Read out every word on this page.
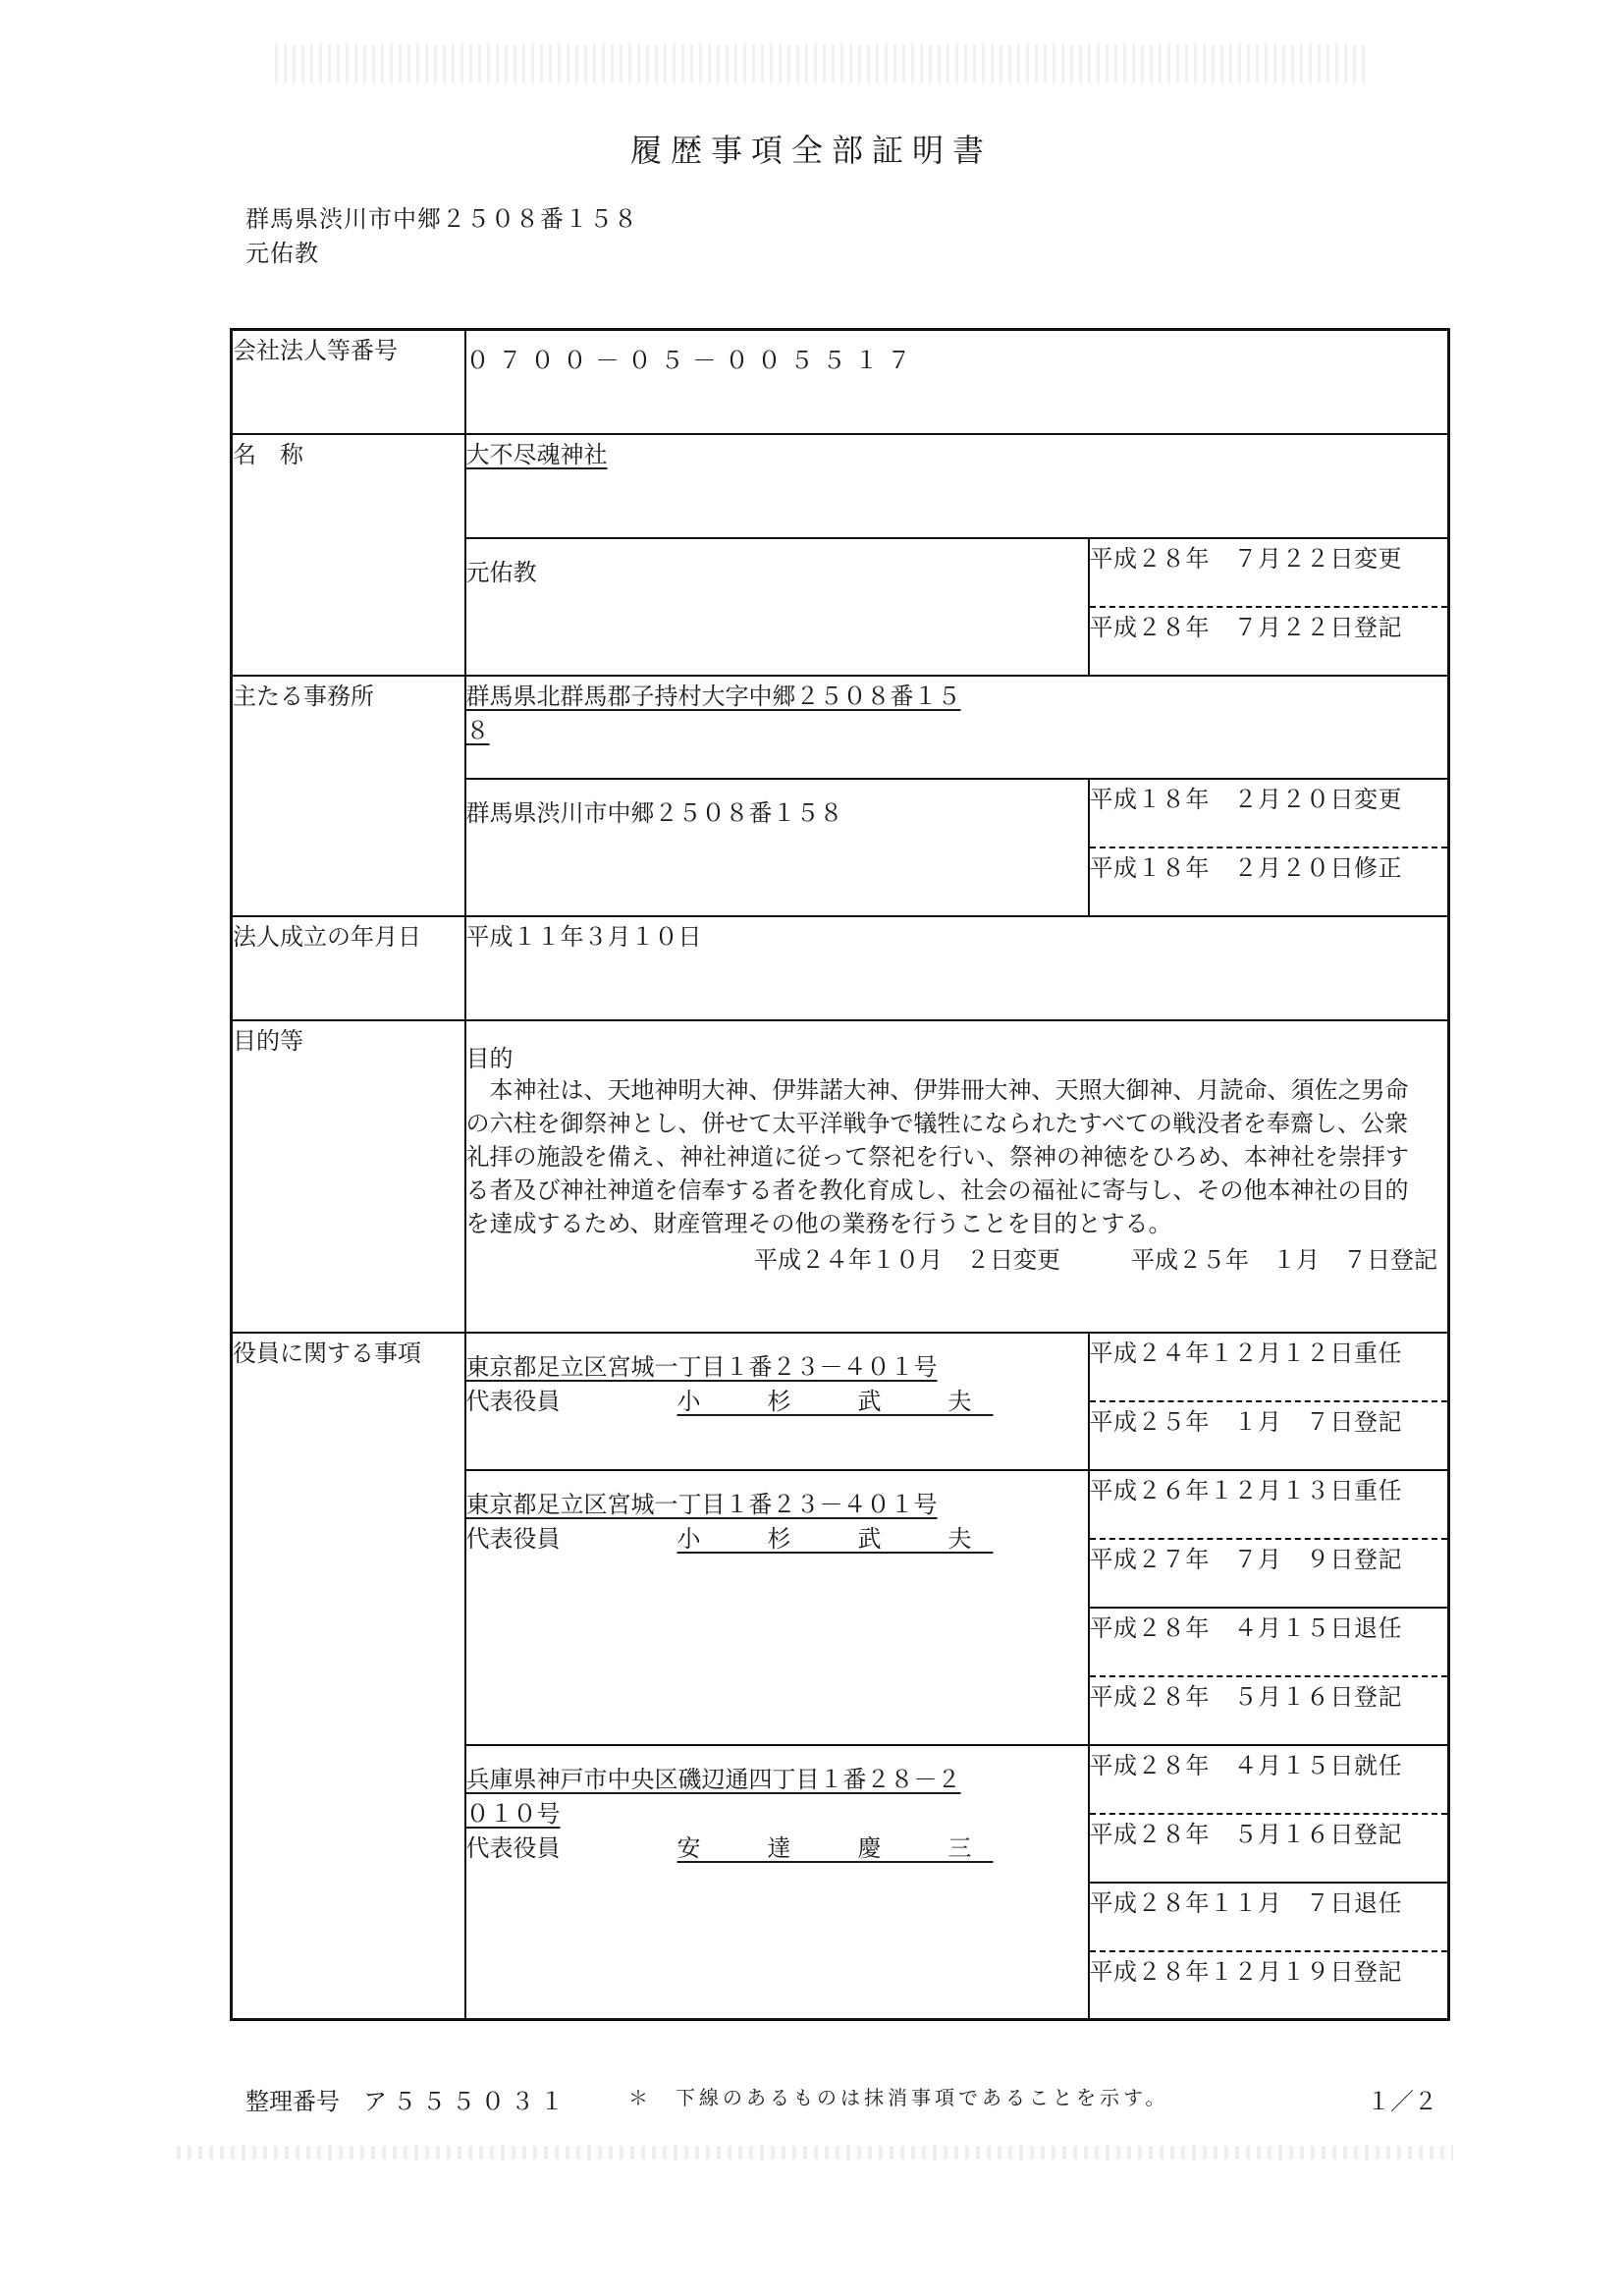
履歴事項全部証明書
群馬県渋川市中郷２５０８番１５８
元佑教
会社法人等番号	０７００－０５－００５５１７	
名　称	大不尽魂神社	
	元佑教	平成２８年　７月２２日変更
		平成２８年　７月２２日登記
主たる事務所	群馬県北群馬郡子持村大字中郷２５０８番１５
８	

	群馬県渋川市中郷２５０８番１５８	平成１８年　２月２０日変更
		平成１８年　２月２０日修正
法人成立の年月日	平成１１年３月１０日	
目的等	目的
　本神社は、天地神明大神、伊弉諾大神、伊弉冊大神、天照大御神、月読命、須佐之男命の六柱を御祭神とし、併せて太平洋戦争で犠牲になられたすべての戦没者を奉齋し、公衆礼拝の施設を備え、神社神道に従って祭祀を行い、祭神の神徳をひろめ、本神社を崇拝する者及び神社神道を信奉する者を教化育成し、社会の福祉に寄与し、その他本神社の目的を達成するため、財産管理その他の業務を行うことを目的とする。
平成２４年１０月　２日変更　　　 平成２５年　１月　７日登記	

役員に関する事項	東京都足立区宮城一丁目１番２３－４０１号
代表役員 小　杉　武　夫	平成２４年１２月１２日重任
		平成２５年　１月　７日登記

	東京都足立区宮城一丁目１番２３－４０１号
代表役員 小　杉　武　夫	平成２６年１２月１３日重任
		平成２７年　７月　９日登記
		平成２８年　４月１５日退任
		平成２８年　５月１６日登記

	兵庫県神戸市中央区磯辺通四丁目１番２８－２
０１０号
代表役員 安　達　慶　三	平成２８年　４月１５日就任
		平成２８年　５月１６日登記
		平成２８年１１月　７日退任
		平成２８年１２月１９日登記
整理番号　 ア５５５０３１	＊　下線のあるものは抹消事項であることを示す。	１／２
